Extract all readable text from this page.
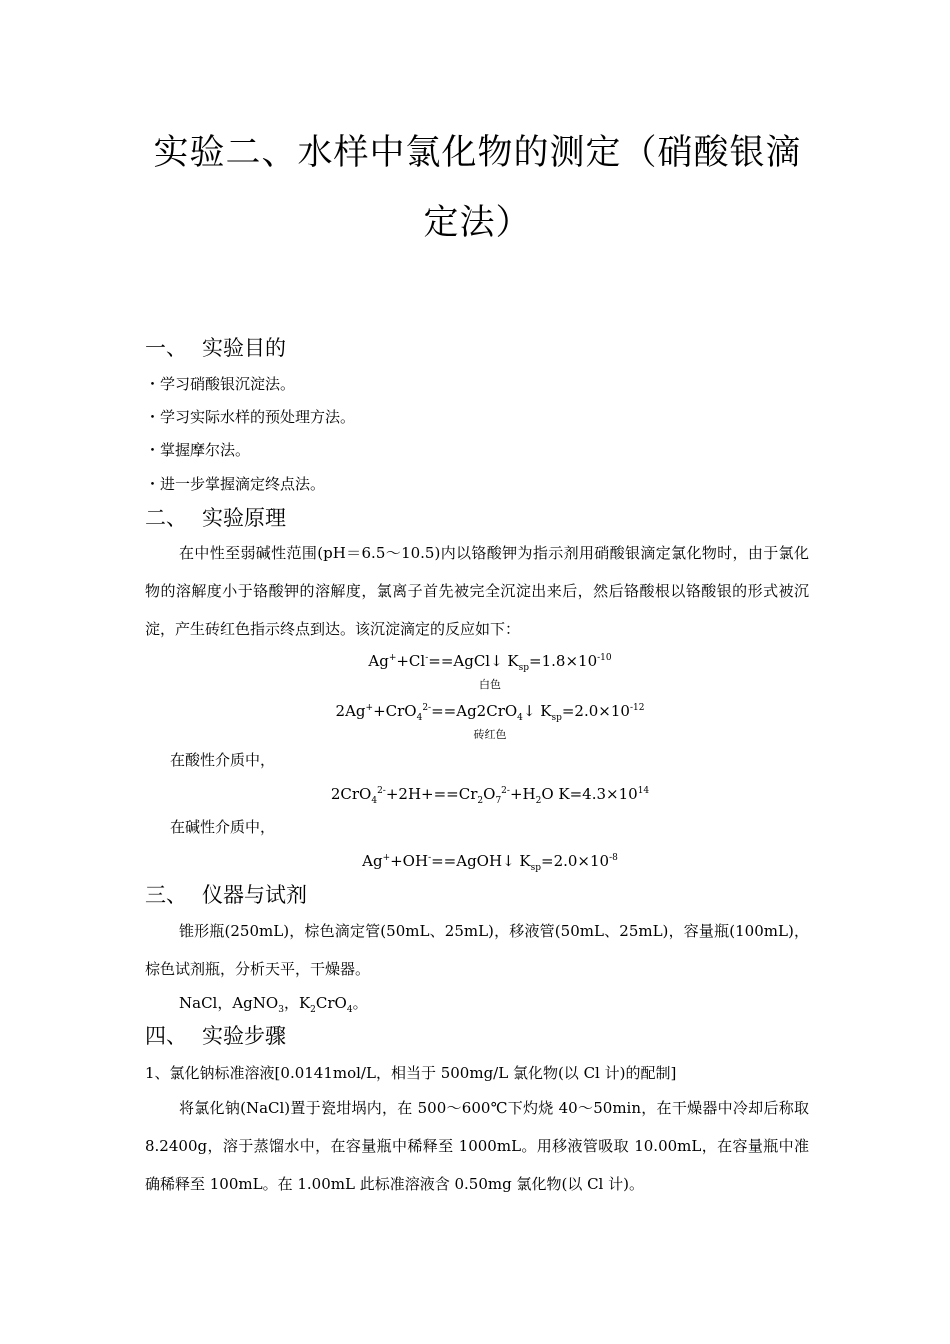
实验二、水样中氯化物的测定（硝酸银滴定法）
一、 实验目的
・学习硝酸银沉淀法。
・学习实际水样的预处理方法。
・掌握摩尔法。
・进一步掌握滴定终点法。
二、 实验原理
在中性至弱碱性范围(pH＝6.5～10.5)内以铬酸钾为指示剂用硝酸银滴定氯化物时，由于氯化物的溶解度小于铬酸钾的溶解度，氯离子首先被完全沉淀出来后，然后铬酸根以铬酸银的形式被沉淀，产生砖红色指示终点到达。该沉淀滴定的反应如下：
Ag++Cl-==AgCl↓ $K_{sp}=1.8\times 10^{-10}$
白色
2Ag++CrO$_4^{2-}$==Ag2CrO$_4$↓ $K_{sp}=2.0\times 10^{-12}$
砖红色
在酸性介质中，
$2CrO_4^{2-}+2H+==Cr_2O_7^{2-}+H_2O$ $K=4.3\times 10^{14}$
在碱性介质中，
Ag++OH-==AgOH↓ $K_{sp}=2.0\times 10^{-8}$
三、 仪器与试剂
锥形瓶(250mL)，棕色滴定管(50mL、25mL)，移液管(50mL、25mL)，容量瓶(100mL)，棕色试剂瓶，分析天平，干燥器。
NaCl，AgNO$_3$，$K_2CrO_4$。
四、 实验步骤
1、氯化钠标准溶液[0.0141mol/L，相当于 500mg/L 氯化物(以 Cl 计)的配制]
将氯化钠(NaCl)置于瓷坩埚内，在 500～600℃下灼烧 40～50min，在干燥器中冷却后称取 8.2400g，溶于蒸馏水中，在容量瓶中稀释至 1000mL。用移液管吸取 10.00mL，在容量瓶中准确稀释至 100mL。在 1.00mL 此标准溶液含 0.50mg 氯化物(以 Cl 计)。
